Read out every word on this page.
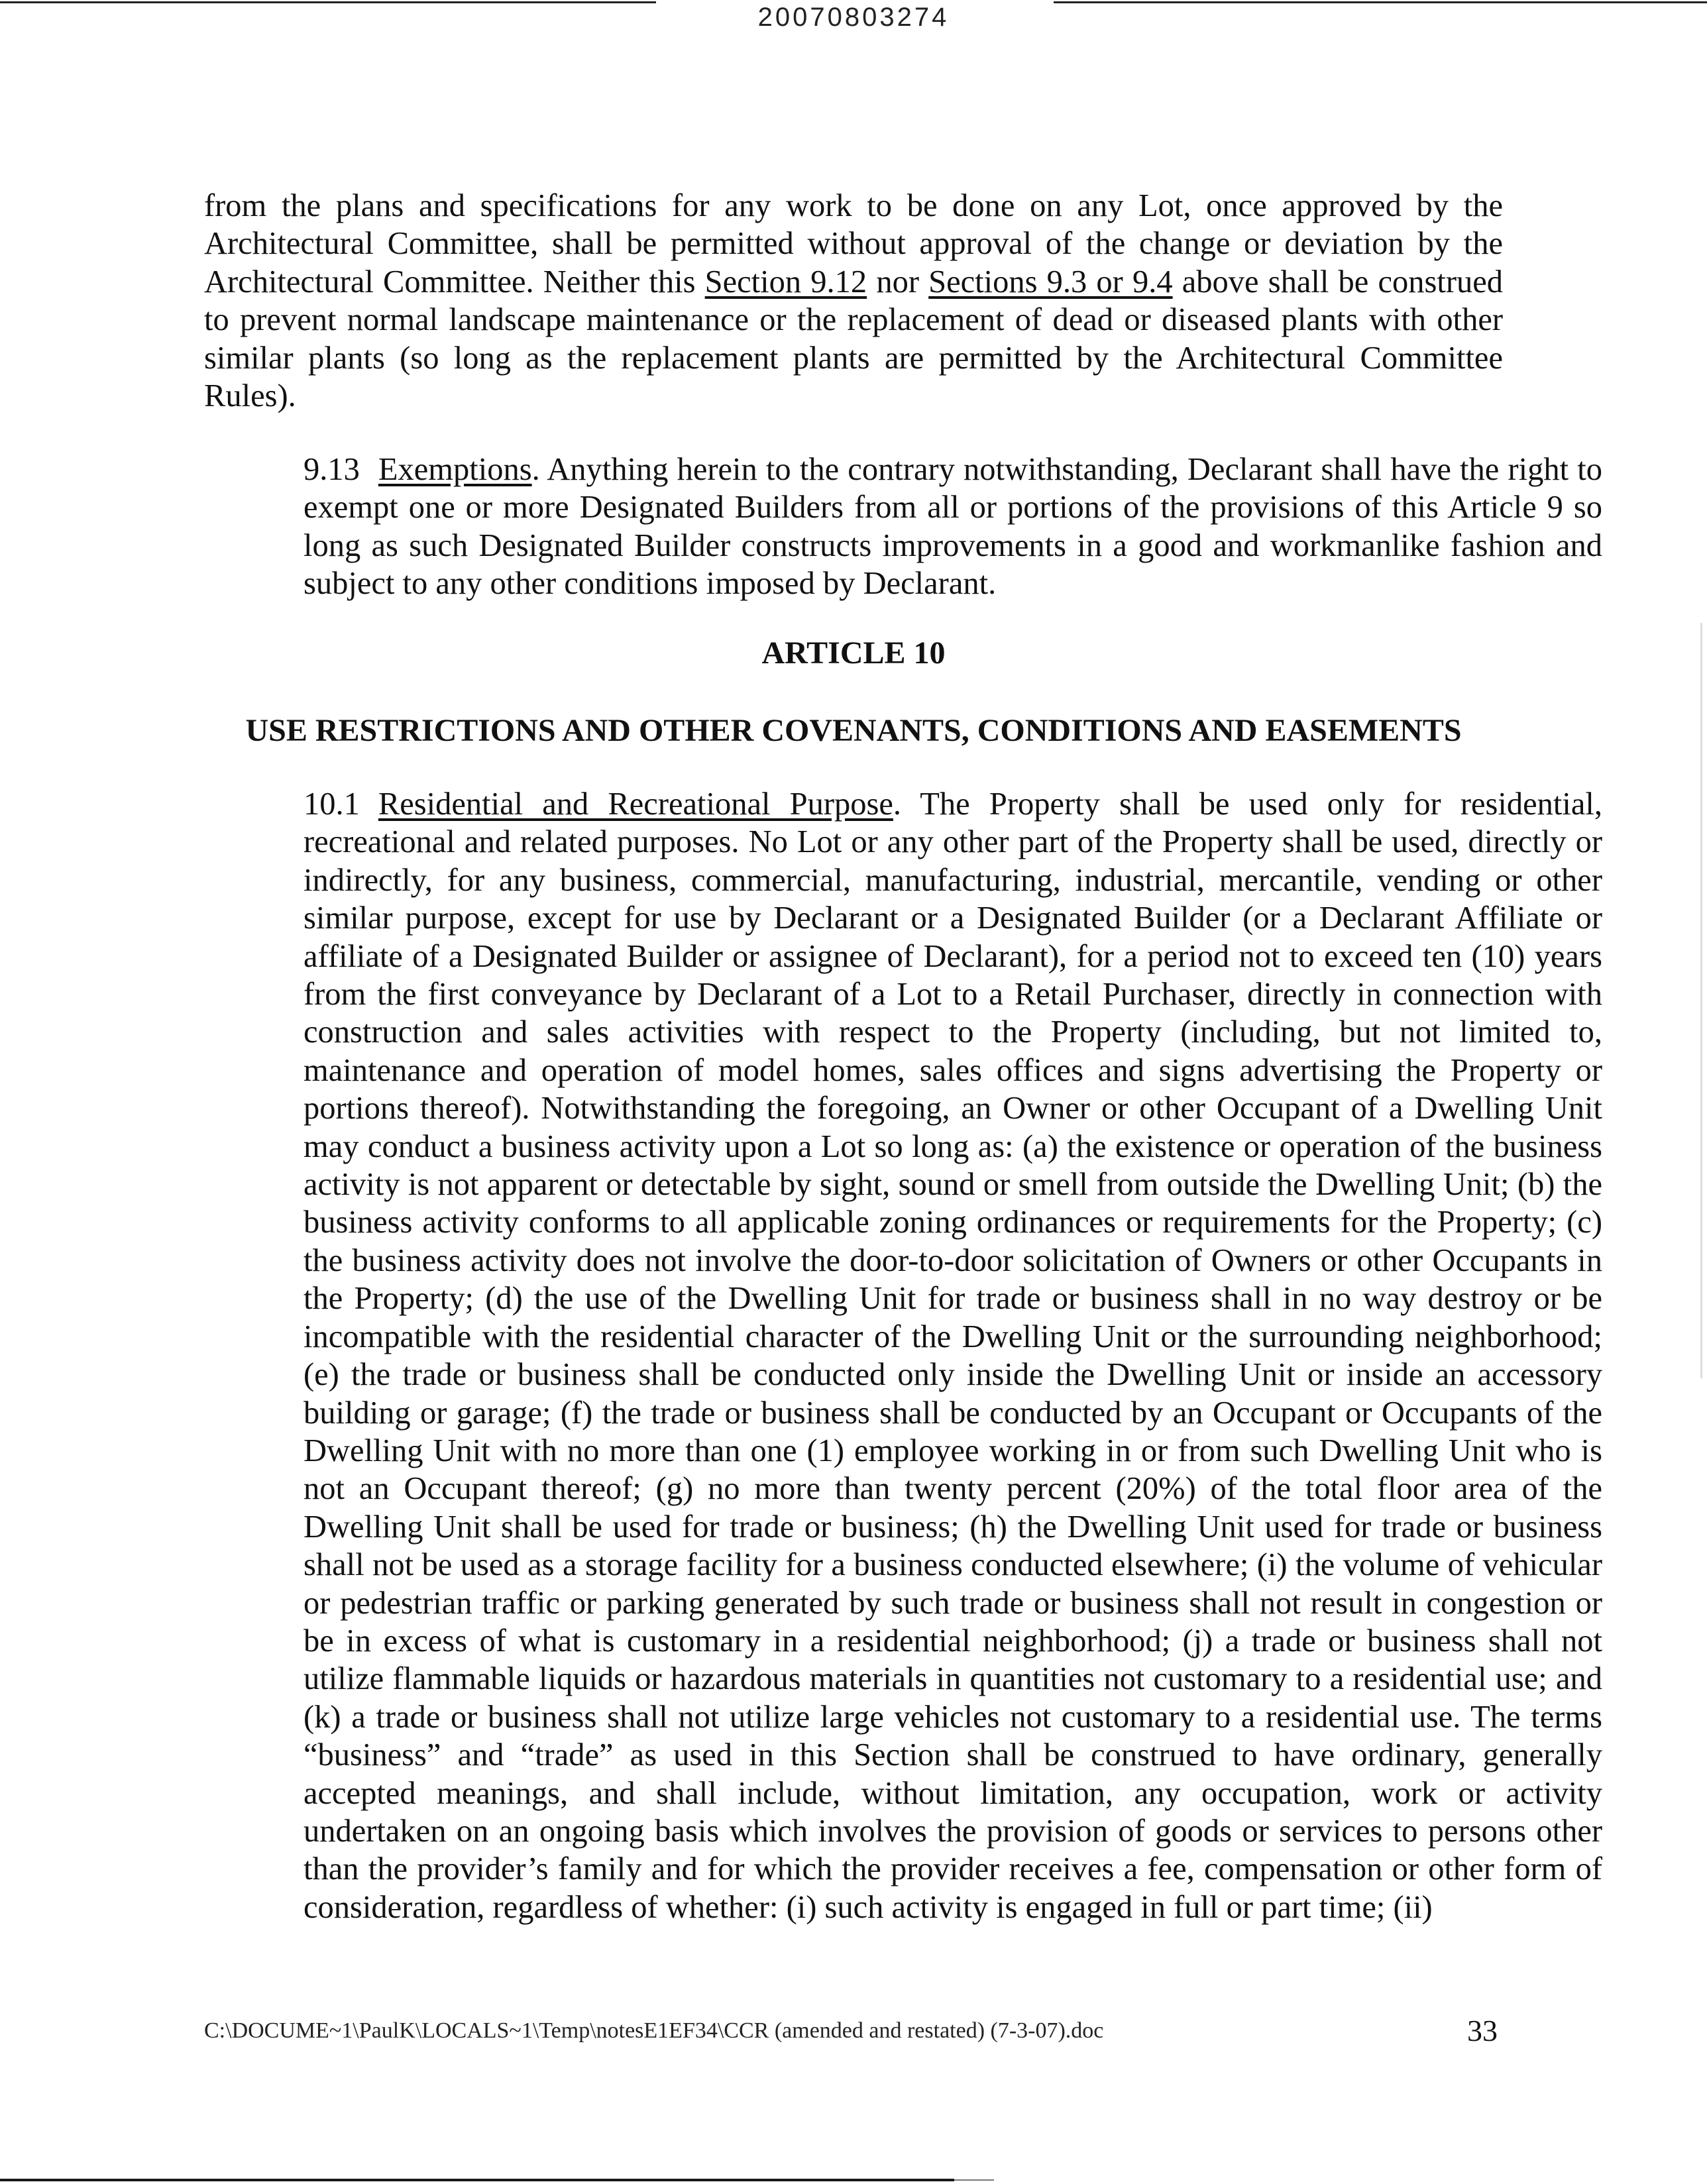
20070803274

from the plans and specifications for any work to be done on any Lot, once approved by the Architectural Committee, shall be permitted without approval of the change or deviation by the Architectural Committee. Neither this Section 9.12 nor Sections 9.3 or 9.4 above shall be construed to prevent normal landscape maintenance or the replacement of dead or diseased plants with other similar plants (so long as the replacement plants are permitted by the Architectural Committee Rules).

9.13 Exemptions. Anything herein to the contrary notwithstanding, Declarant shall have the right to exempt one or more Designated Builders from all or portions of the provisions of this Article 9 so long as such Designated Builder constructs improvements in a good and workmanlike fashion and subject to any other conditions imposed by Declarant.

ARTICLE 10
USE RESTRICTIONS AND OTHER COVENANTS, CONDITIONS AND EASEMENTS

10.1 Residential and Recreational Purpose. The Property shall be used only for residential, recreational and related purposes. No Lot or any other part of the Property shall be used, directly or indirectly, for any business, commercial, manufacturing, industrial, mercantile, vending or other similar purpose, except for use by Declarant or a Designated Builder (or a Declarant Affiliate or affiliate of a Designated Builder or assignee of Declarant), for a period not to exceed ten (10) years from the first conveyance by Declarant of a Lot to a Retail Purchaser, directly in connection with construction and sales activities with respect to the Property (including, but not limited to, maintenance and operation of model homes, sales offices and signs advertising the Property or portions thereof). Notwithstanding the foregoing, an Owner or other Occupant of a Dwelling Unit may conduct a business activity upon a Lot so long as: (a) the existence or operation of the business activity is not apparent or detectable by sight, sound or smell from outside the Dwelling Unit; (b) the business activity conforms to all applicable zoning ordinances or requirements for the Property; (c) the business activity does not involve the door-to-door solicitation of Owners or other Occupants in the Property; (d) the use of the Dwelling Unit for trade or business shall in no way destroy or be incompatible with the residential character of the Dwelling Unit or the surrounding neighborhood; (e) the trade or business shall be conducted only inside the Dwelling Unit or inside an accessory building or garage; (f) the trade or business shall be conducted by an Occupant or Occupants of the Dwelling Unit with no more than one (1) employee working in or from such Dwelling Unit who is not an Occupant thereof; (g) no more than twenty percent (20%) of the total floor area of the Dwelling Unit shall be used for trade or business; (h) the Dwelling Unit used for trade or business shall not be used as a storage facility for a business conducted elsewhere; (i) the volume of vehicular or pedestrian traffic or parking generated by such trade or business shall not result in congestion or be in excess of what is customary in a residential neighborhood; (j) a trade or business shall not utilize flammable liquids or hazardous materials in quantities not customary to a residential use; and (k) a trade or business shall not utilize large vehicles not customary to a residential use. The terms “business” and “trade” as used in this Section shall be construed to have ordinary, generally accepted meanings, and shall include, without limitation, any occupation, work or activity undertaken on an ongoing basis which involves the provision of goods or services to persons other than the provider’s family and for which the provider receives a fee, compensation or other form of consideration, regardless of whether: (i) such activity is engaged in full or part time; (ii)

C:\DOCUME~1\PaulK\LOCALS~1\Temp\notesE1EF34\CCR (amended and restated) (7-3-07).doc	33
